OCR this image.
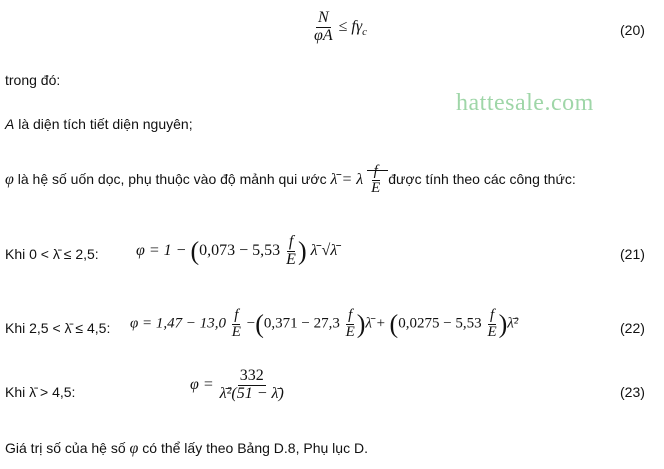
$\frac{N}{\varphi A} \le f\gamma_c$	(20)
trong đó:
hattesale.com
A là diện tích tiết diện nguyên;
φ là hệ số uốn dọc, phụ thuộc vào độ mảnh qui ước λ̄ = λ $\frac{f}{E}$ được tính theo các công thức:
Khi 0 < λ̄ ≤ 2,5: $\varphi = 1 - (0,073 - 5,53 \frac{f}{E}$ ) λ̄ √λ̄	(21)
Khi 2,5 < λ̄ ≤ 4,5: $\varphi = 1,47 - 13,0 \frac{f}{E} -(0,371 - 27,3 \frac{f}{E}$ )λ̄ + ($0,0275 - 5,53 \frac{f}{E}$ )λ̄²	(22)
Khi λ̄ > 4,5:	$\varphi = \frac{332}{\text{λ̄²(51 − λ̄)}}$	(23)
Giá trị số của hệ số φ có thể lấy theo Bảng D.8, Phụ lục D.
